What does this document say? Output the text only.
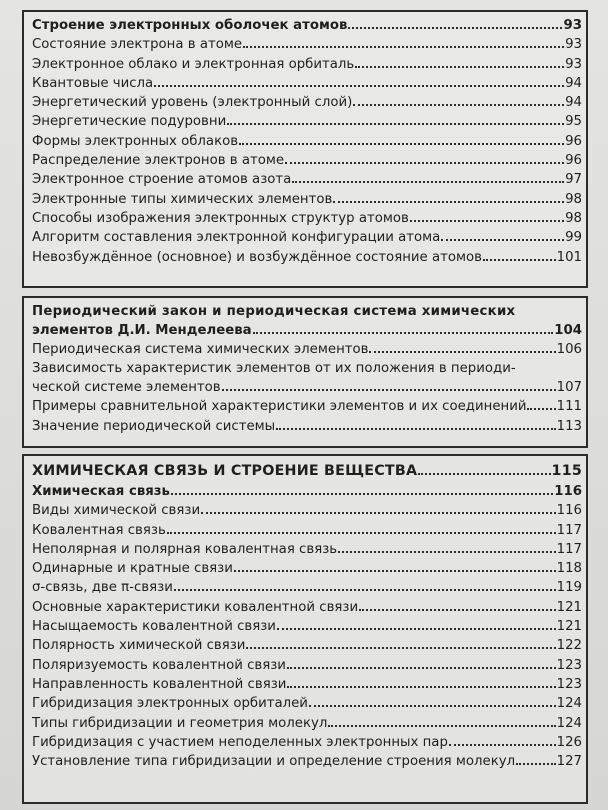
Строение электронных оболочек атомов	93
Состояние электрона в атоме	93
Электронное облако и электронная орбиталь	93
Квантовые числа	94
Энергетический уровень (электронный слой)	94
Энергетические подуровни	95
Формы электронных облаков	96
Распределение электронов в атоме	96
Электронное строение атомов азота	97
Электронные типы химических элементов	98
Способы изображения электронных структур атомов	98
Алгоритм составления электронной конфигурации атома	99
Невозбуждённое (основное) и возбуждённое состояние атомов	101
Периодический закон и периодическая система химических
элементов Д.И. Менделеева	104
Периодическая система химических элементов	106
Зависимость характеристик элементов от их положения в периоди-
ческой системе элементов	107
Примеры сравнительной характеристики элементов и их соединений 111
Значение периодической системы	113
ХИМИЧЕСКАЯ СВЯЗЬ И СТРОЕНИЕ ВЕЩЕСТВА	115
Химическая связь	116
Виды химической связи	116
Ковалентная связь	117
Неполярная и полярная ковалентная связь	117
Одинарные и кратные связи	118
σ-связь, две π-связи	119
Основные характеристики ковалентной связи	121
Насыщаемость ковалентной связи	121
Полярность химической связи	122
Поляризуемость ковалентной связи	123
Направленность ковалентной связи	123
Гибридизация электронных орбиталей	124
Типы гибридизации и геометрия молекул	124
Гибридизация с участием неподеленных электронных пар	126
Установление типа гибридизации и определение строения молекул	127
